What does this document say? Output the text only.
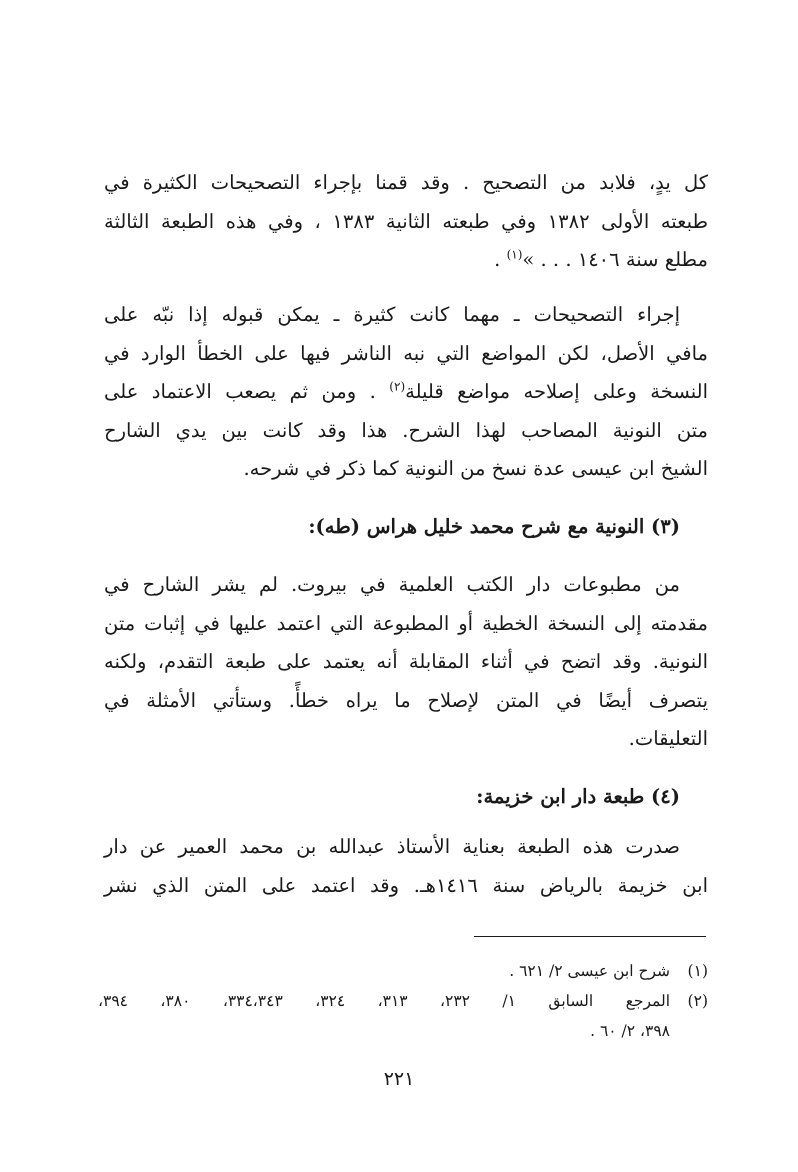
كل يدٍ، فلابد من التصحيح . وقد قمنا بإجراء التصحيحات الكثيرة في
طبعته الأولى ١٣٨٢ وفي طبعته الثانية ١٣٨٣ ، وفي هذه الطبعة الثالثة
مطلع سنة ١٤٠٦ . . . »$^{(١)}$ .
إجراء التصحيحات ـ مهما كانت كثيرة ـ يمكن قبوله إذا نبّه على
مافي الأصل، لكن المواضع التي نبه الناشر فيها على الخطأ الوارد في
النسخة وعلى إصلاحه مواضع قليلة$^{(٢)}$ . ومن ثم يصعب الاعتماد على
متن النونية المصاحب لهذا الشرح. هذا وقد كانت بين يدي الشارح
الشيخ ابن عيسى عدة نسخ من النونية كما ذكر في شرحه.
(٣) النونية مع شرح محمد خليل هراس (طه):
من مطبوعات دار الكتب العلمية في بيروت. لم يشر الشارح في
مقدمته إلى النسخة الخطية أو المطبوعة التي اعتمد عليها في إثبات متن
النونية. وقد اتضح في أثناء المقابلة أنه يعتمد على طبعة التقدم، ولكنه
يتصرف أيضًا في المتن لإصلاح ما يراه خطأً. وستأتي الأمثلة في
التعليقات.
(٤) طبعة دار ابن خزيمة:
صدرت هذه الطبعة بعناية الأستاذ عبدالله بن محمد العمير عن دار
ابن خزيمة بالرياض سنة ١٤١٦هـ. وقد اعتمد على المتن الذي نشر
(١)
شرح ابن عيسى ٢/ ٦٢١ .
(٢)
المرجع السابق ١/ ٢٣٢، ٣١٣، ٣٢٤، ٣٣٤،٣٤٣، ٣٨٠، ٣٩٤،
٣٩٨، ٢/ ٦٠ .
٢٢١
